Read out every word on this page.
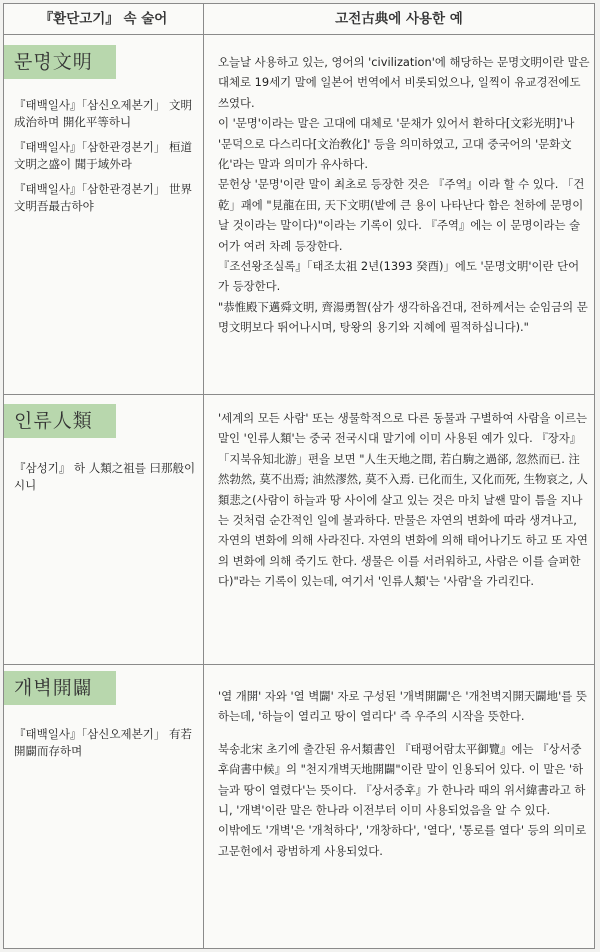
『환단고기』 속 술어	고전古典에 사용한 예
문명文明

『태백일사』「삼신오제본기」 文明成治하며 開化平等하니

『태백일사』「삼한관경본기」 桓道文明之盛이 聞于域外라

『태백일사』「삼한관경본기」 世界文明吾最古하야

오늘날 사용하고 있는, 영어의 'civilization'에 해당하는 문명文明이란 말은 대체로 19세기 말에 일본어 번역에서 비롯되었으나, 일찍이 유교경전에도 쓰였다.

이 '문명'이라는 말은 고대에 대체로 '문채가 있어서 환하다[文彩光明]'나 '문덕으로 다스리다[文治敎化]' 등을 의미하였고, 고대 중국어의 '문화文化'라는 말과 의미가 유사하다.

문헌상 '문명'이란 말이 최초로 등장한 것은 『주역』이라 할 수 있다. 「건乾」괘에 "見龍在田, 天下文明(밭에 큰 용이 나타난다 함은 천하에 문명이 날 것이라는 말이다)"이라는 기록이 있다. 『주역』에는 이 문명이라는 술어가 여러 차례 등장한다.

『조선왕조실록』「태조太祖 2년(1393 癸酉)」에도 '문명文明'이란 단어가 등장한다.

"恭惟殿下邁舜文明, 齊湯勇智(삼가 생각하옵건대, 전하께서는 순임금의 문명文明보다 뛰어나시며, 탕왕의 용기와 지혜에 필적하십니다)."

인류人類

『삼성기』 하 人類之祖를 曰那般이시니

'세계의 모든 사람' 또는 생물학적으로 다른 동물과 구별하여 사람을 이르는 말인 '인류人類'는 중국 전국시대 말기에 이미 사용된 예가 있다. 『장자』「지북유知北游」편을 보면 "人生天地之間, 若白駒之過郤, 忽然而已. 注然勃然, 莫不出焉; 油然漻然, 莫不入焉. 已化而生, 又化而死, 生物哀之, 人類悲之(사람이 하늘과 땅 사이에 살고 있는 것은 마치 날쌘 말이 틈을 지나는 것처럼 순간적인 일에 불과하다. 만물은 자연의 변화에 따라 생겨나고, 자연의 변화에 의해 사라진다. 자연의 변화에 의해 태어나기도 하고 또 자연의 변화에 의해 죽기도 한다. 생물은 이를 서러워하고, 사람은 이를 슬퍼한다)"라는 기록이 있는데, 여기서 '인류人類'는 '사람'을 가리킨다.

개벽開闢

『태백일사』「삼신오제본기」 有若開闢而存하며

'열 개開' 자와 '열 벽闢' 자로 구성된 '개벽開闢'은 '개천벽지開天闢地'를 뜻하는데, '하늘이 열리고 땅이 열리다' 즉 우주의 시작을 뜻한다.

북송北宋 초기에 출간된 유서類書인 『태평어람太平御覽』에는 『상서중후尙書中候』의 "천지개벽天地開闢"이란 말이 인용되어 있다. 이 말은 '하늘과 땅이 열렸다'는 뜻이다. 『상서중후』가 한나라 때의 위서緯書라고 하니, '개벽'이란 말은 한나라 이전부터 이미 사용되었음을 알 수 있다.

이밖에도 '개벽'은 '개척하다', '개창하다', '열다', '통로를 열다' 등의 의미로 고문헌에서 광범하게 사용되었다.
